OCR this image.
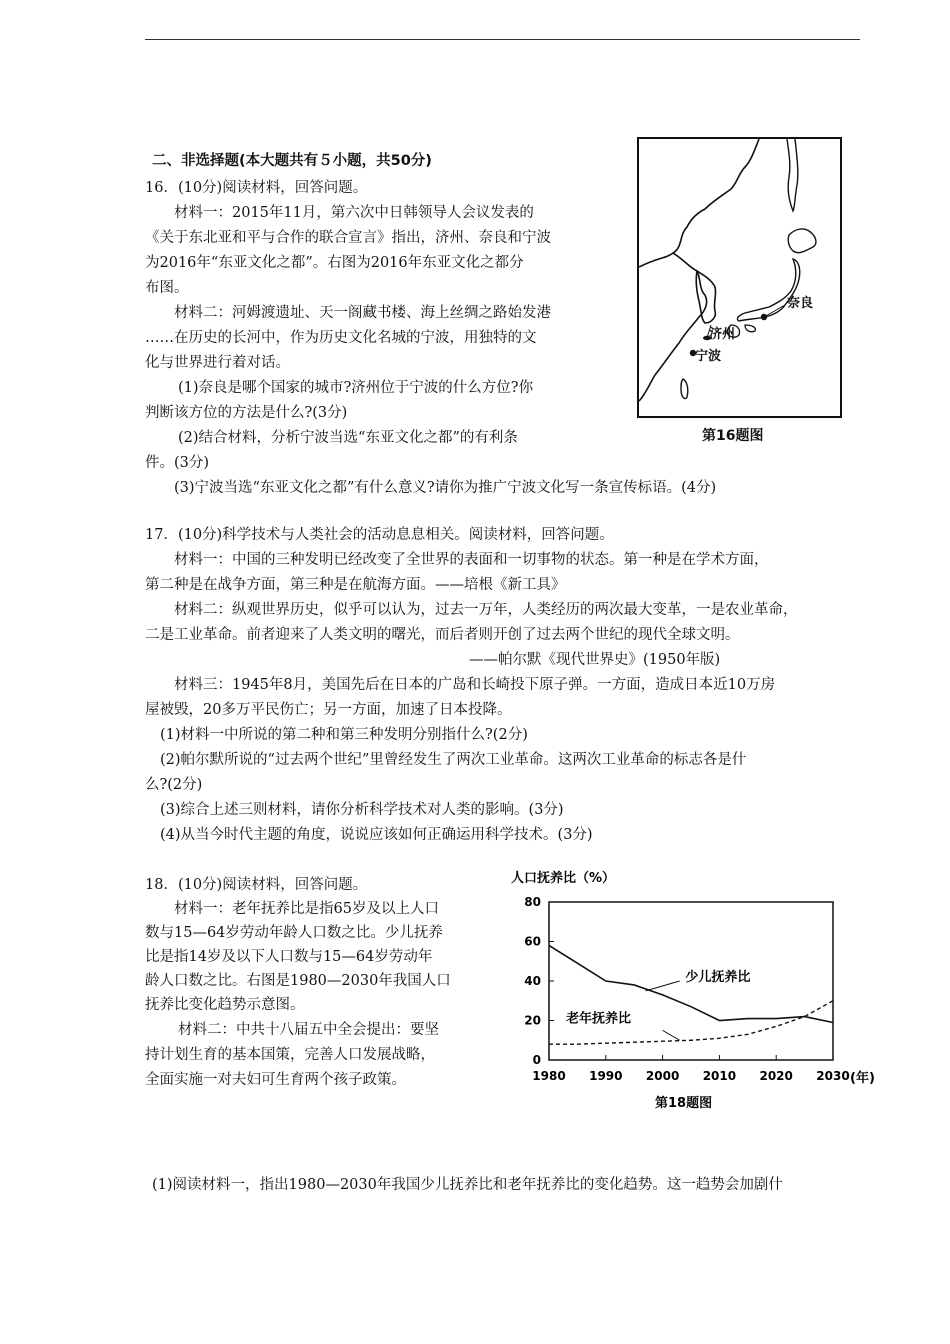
二、非选择题(本大题共有５小题，共50分)
16．(10分)阅读材料，回答问题。
材料一：2015年11月，第六次中日韩领导人会议发表的
《关于东北亚和平与合作的联合宣言》指出，济州、奈良和宁波
为2016年“东亚文化之都”。右图为2016年东亚文化之都分
布图。
材料二：河姆渡遗址、天一阁藏书楼、海上丝绸之路始发港
……在历史的长河中，作为历史文化名城的宁波，用独特的文
化与世界进行着对话。
(1)奈良是哪个国家的城市?济州位于宁波的什么方位?你
判断该方位的方法是什么?(3分)
(2)结合材料，分析宁波当选“东亚文化之都”的有利条
件。(3分)
(3)宁波当选“东亚文化之都”有什么意义?请你为推广宁波文化写一条宣传标语。(4分)
奈良
济州
宁波
第16题图
17．(10分)科学技术与人类社会的活动息息相关。阅读材料，回答问题。
材料一：中国的三种发明已经改变了全世界的表面和一切事物的状态。第一种是在学术方面，
第二种是在战争方面，第三种是在航海方面。——培根《新工具》
材料二：纵观世界历史，似乎可以认为，过去一万年，人类经历的两次最大变革，一是农业革命，
二是工业革命。前者迎来了人类文明的曙光，而后者则开创了过去两个世纪的现代全球文明。
——帕尔默《现代世界史》(1950年版)
材料三：1945年8月，美国先后在日本的广岛和长崎投下原子弹。一方面，造成日本近10万房
屋被毁，20多万平民伤亡；另一方面，加速了日本投降。
(1)材料一中所说的第二种和第三种发明分别指什么?(2分)
(2)帕尔默所说的“过去两个世纪”里曾经发生了两次工业革命。这两次工业革命的标志各是什
么?(2分)
(3)综合上述三则材料，请你分析科学技术对人类的影响。(3分)
(4)从当今时代主题的角度，说说应该如何正确运用科学技术。(3分)
18．(10分)阅读材料，回答问题。
材料一：老年抚养比是指65岁及以上人口
数与15—64岁劳动年龄人口数之比。少儿抚养
比是指14岁及以下人口数与15—64岁劳动年
龄人口数之比。右图是1980—2030年我国人口
抚养比变化趋势示意图。
材料二：中共十八届五中全会提出：要坚
持计划生育的基本国策，完善人口发展战略，
全面实施一对夫妇可生育两个孩子政策。
人口抚养比（%）
0
20
40
60
80
1980 1990 2000 2010 2020 2030
少儿抚养比
老年抚养比
(年)
第18题图
(1)阅读材料一，指出1980—2030年我国少儿抚养比和老年抚养比的变化趋势。这一趋势会加剧什
